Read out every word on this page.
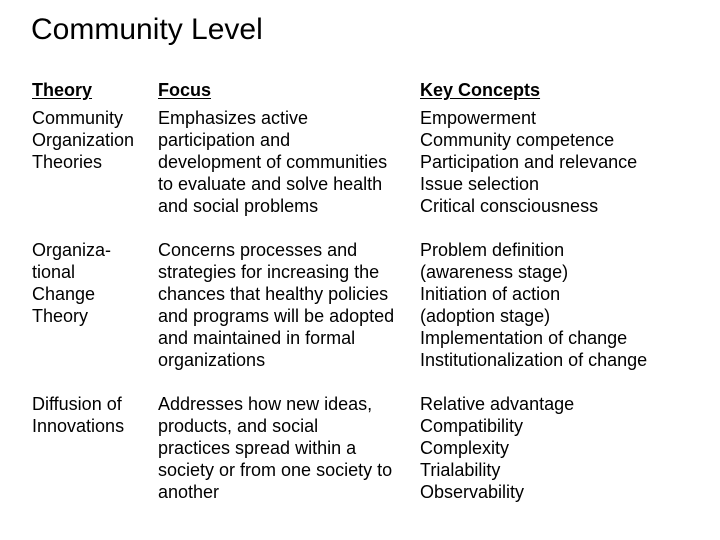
Community Level
Theory	Focus	Key Concepts
Community
Organization
Theories
Emphasizes active
participation and
development of communities
to evaluate and solve health
and social problems
Empowerment
Community competence
Participation and relevance
Issue selection
Critical consciousness
Organiza-
tional
Change
Theory
Concerns processes and
strategies for increasing the
chances that healthy policies
and programs will be adopted
and maintained in formal
organizations
Problem definition
(awareness stage)
Initiation of action
(adoption stage)
Implementation of change
Institutionalization of change
Diffusion of
Innovations
Addresses how new ideas,
products, and social
practices spread within a
society or from one society to
another
Relative advantage
Compatibility
Complexity
Trialability
Observability
